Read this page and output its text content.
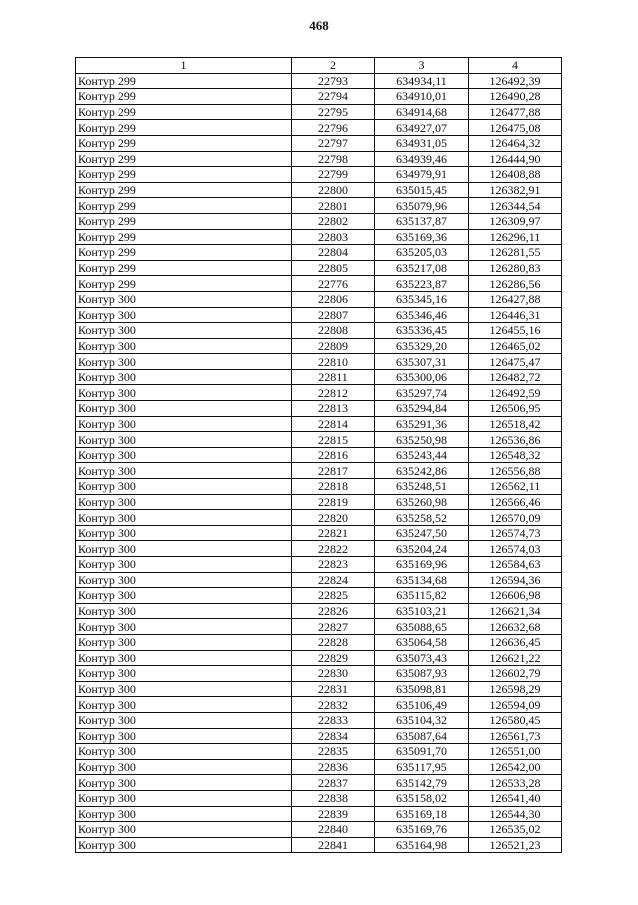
468
1	2	3	4
Контур 299	22793	634934,11	126492,39
Контур 299	22794	634910,01	126490,28
Контур 299	22795	634914,68	126477,88
Контур 299	22796	634927,07	126475,08
Контур 299	22797	634931,05	126464,32
Контур 299	22798	634939,46	126444,90
Контур 299	22799	634979,91	126408,88
Контур 299	22800	635015,45	126382,91
Контур 299	22801	635079,96	126344,54
Контур 299	22802	635137,87	126309,97
Контур 299	22803	635169,36	126296,11
Контур 299	22804	635205,03	126281,55
Контур 299	22805	635217,08	126280,83
Контур 299	22776	635223,87	126286,56
Контур 300	22806	635345,16	126427,88
Контур 300	22807	635346,46	126446,31
Контур 300	22808	635336,45	126455,16
Контур 300	22809	635329,20	126465,02
Контур 300	22810	635307,31	126475,47
Контур 300	22811	635300,06	126482,72
Контур 300	22812	635297,74	126492,59
Контур 300	22813	635294,84	126506,95
Контур 300	22814	635291,36	126518,42
Контур 300	22815	635250,98	126536,86
Контур 300	22816	635243,44	126548,32
Контур 300	22817	635242,86	126556,88
Контур 300	22818	635248,51	126562,11
Контур 300	22819	635260,98	126566,46
Контур 300	22820	635258,52	126570,09
Контур 300	22821	635247,50	126574,73
Контур 300	22822	635204,24	126574,03
Контур 300	22823	635169,96	126584,63
Контур 300	22824	635134,68	126594,36
Контур 300	22825	635115,82	126606,98
Контур 300	22826	635103,21	126621,34
Контур 300	22827	635088,65	126632,68
Контур 300	22828	635064,58	126636,45
Контур 300	22829	635073,43	126621,22
Контур 300	22830	635087,93	126602,79
Контур 300	22831	635098,81	126598,29
Контур 300	22832	635106,49	126594,09
Контур 300	22833	635104,32	126580,45
Контур 300	22834	635087,64	126561,73
Контур 300	22835	635091,70	126551,00
Контур 300	22836	635117,95	126542,00
Контур 300	22837	635142,79	126533,28
Контур 300	22838	635158,02	126541,40
Контур 300	22839	635169,18	126544,30
Контур 300	22840	635169,76	126535,02
Контур 300	22841	635164,98	126521,23
